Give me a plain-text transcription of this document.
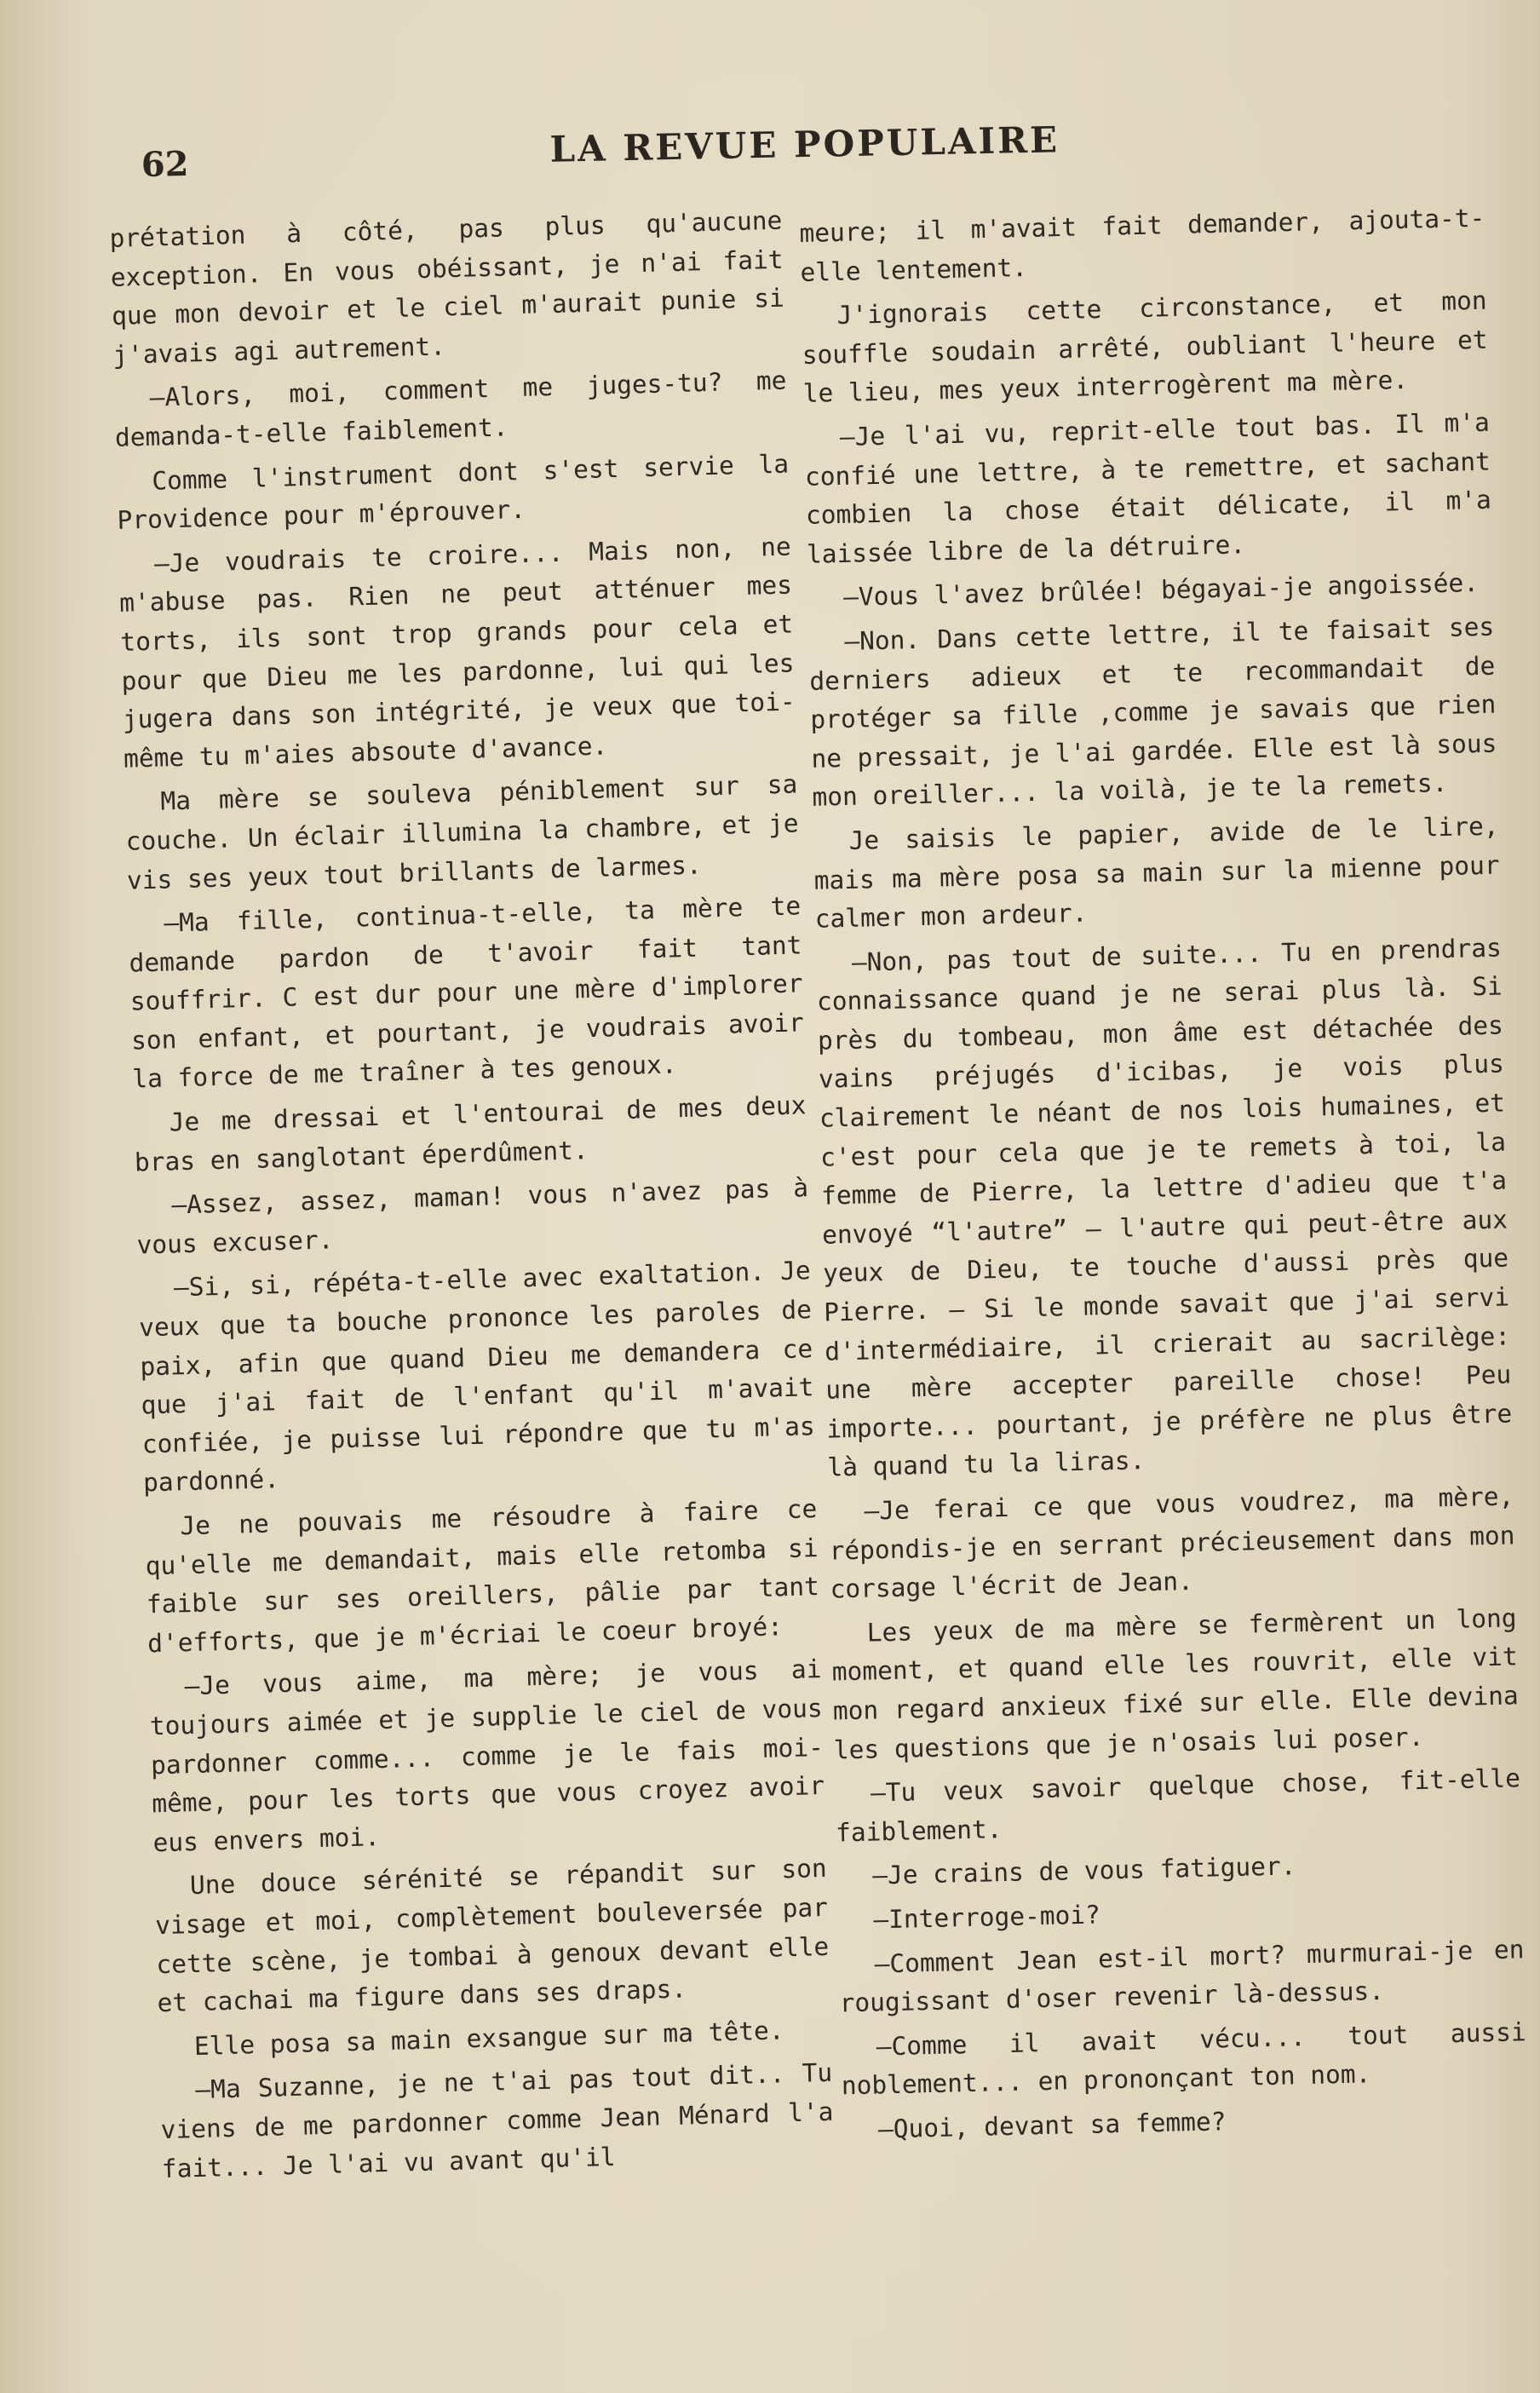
62	LA REVUE POPULAIRE

prétation à côté, pas plus qu'aucune exception. En vous obéissant, je n'ai fait que mon devoir et le ciel m'aurait punie si j'avais agi autrement.

—Alors, moi, comment me juges-tu? me demanda-t-elle faiblement.

Comme l'instrument dont s'est servie la Providence pour m'éprouver.

—Je voudrais te croire... Mais non, ne m'abuse pas. Rien ne peut atténuer mes torts, ils sont trop grands pour cela et pour que Dieu me les pardonne, lui qui les jugera dans son intégrité, je veux que toi-même tu m'aies absoute d'avance.

Ma mère se souleva péniblement sur sa couche. Un éclair illumina la chambre, et je vis ses yeux tout brillants de larmes.

—Ma fille, continua-t-elle, ta mère te demande pardon de t'avoir fait tant souffrir. C est dur pour une mère d'implorer son enfant, et pourtant, je voudrais avoir la force de me traîner à tes genoux.

Je me dressai et l'entourai de mes deux bras en sanglotant éperdûment.

—Assez, assez, maman! vous n'avez pas à vous excuser.

—Si, si, répéta-t-elle avec exaltation. Je veux que ta bouche prononce les paroles de paix, afin que quand Dieu me demandera ce que j'ai fait de l'enfant qu'il m'avait confiée, je puisse lui répondre que tu m'as pardonné.

Je ne pouvais me résoudre à faire ce qu'elle me demandait, mais elle retomba si faible sur ses oreillers, pâlie par tant d'efforts, que je m'écriai le coeur broyé:

—Je vous aime, ma mère; je vous ai toujours aimée et je supplie le ciel de vous pardonner comme... comme je le fais moi-même, pour les torts que vous croyez avoir eus envers moi.

Une douce sérénité se répandit sur son visage et moi, complètement bouleversée par cette scène, je tombai à genoux devant elle et cachai ma figure dans ses draps.

Elle posa sa main exsangue sur ma tête.

—Ma Suzanne, je ne t'ai pas tout dit.. Tu viens de me pardonner comme Jean Ménard l'a fait... Je l'ai vu avant qu'il

meure; il m'avait fait demander, ajouta-t-elle lentement.

J'ignorais cette circonstance, et mon souffle soudain arrêté, oubliant l'heure et le lieu, mes yeux interrogèrent ma mère.

—Je l'ai vu, reprit-elle tout bas. Il m'a confié une lettre, à te remettre, et sachant combien la chose était délicate, il m'a laissée libre de la détruire.

—Vous l'avez brûlée! bégayai-je angoissée.

—Non. Dans cette lettre, il te faisait ses derniers adieux et te recommandait de protéger sa fille ,comme je savais que rien ne pressait, je l'ai gardée. Elle est là sous mon oreiller... la voilà, je te la remets.

Je saisis le papier, avide de le lire, mais ma mère posa sa main sur la mienne pour calmer mon ardeur.

—Non, pas tout de suite... Tu en prendras connaissance quand je ne serai plus là. Si près du tombeau, mon âme est détachée des vains préjugés d'icibas, je vois plus clairement le néant de nos lois humaines, et c'est pour cela que je te remets à toi, la femme de Pierre, la lettre d'adieu que t'a envoyé “l'autre” — l'autre qui peut-être aux yeux de Dieu, te touche d'aussi près que Pierre. — Si le monde savait que j'ai servi d'intermédiaire, il crierait au sacrilège: une mère accepter pareille chose! Peu importe... pourtant, je préfère ne plus être là quand tu la liras.

—Je ferai ce que vous voudrez, ma mère, répondis-je en serrant précieusement dans mon corsage l'écrit de Jean.

Les yeux de ma mère se fermèrent un long moment, et quand elle les rouvrit, elle vit mon regard anxieux fixé sur elle. Elle devina les questions que je n'osais lui poser.

—Tu veux savoir quelque chose, fit-elle faiblement.

—Je crains de vous fatiguer.

—Interroge-moi?

—Comment Jean est-il mort? murmurai-je en rougissant d'oser revenir là-dessus.

—Comme il avait vécu... tout aussi noblement... en prononçant ton nom.

—Quoi, devant sa femme?
